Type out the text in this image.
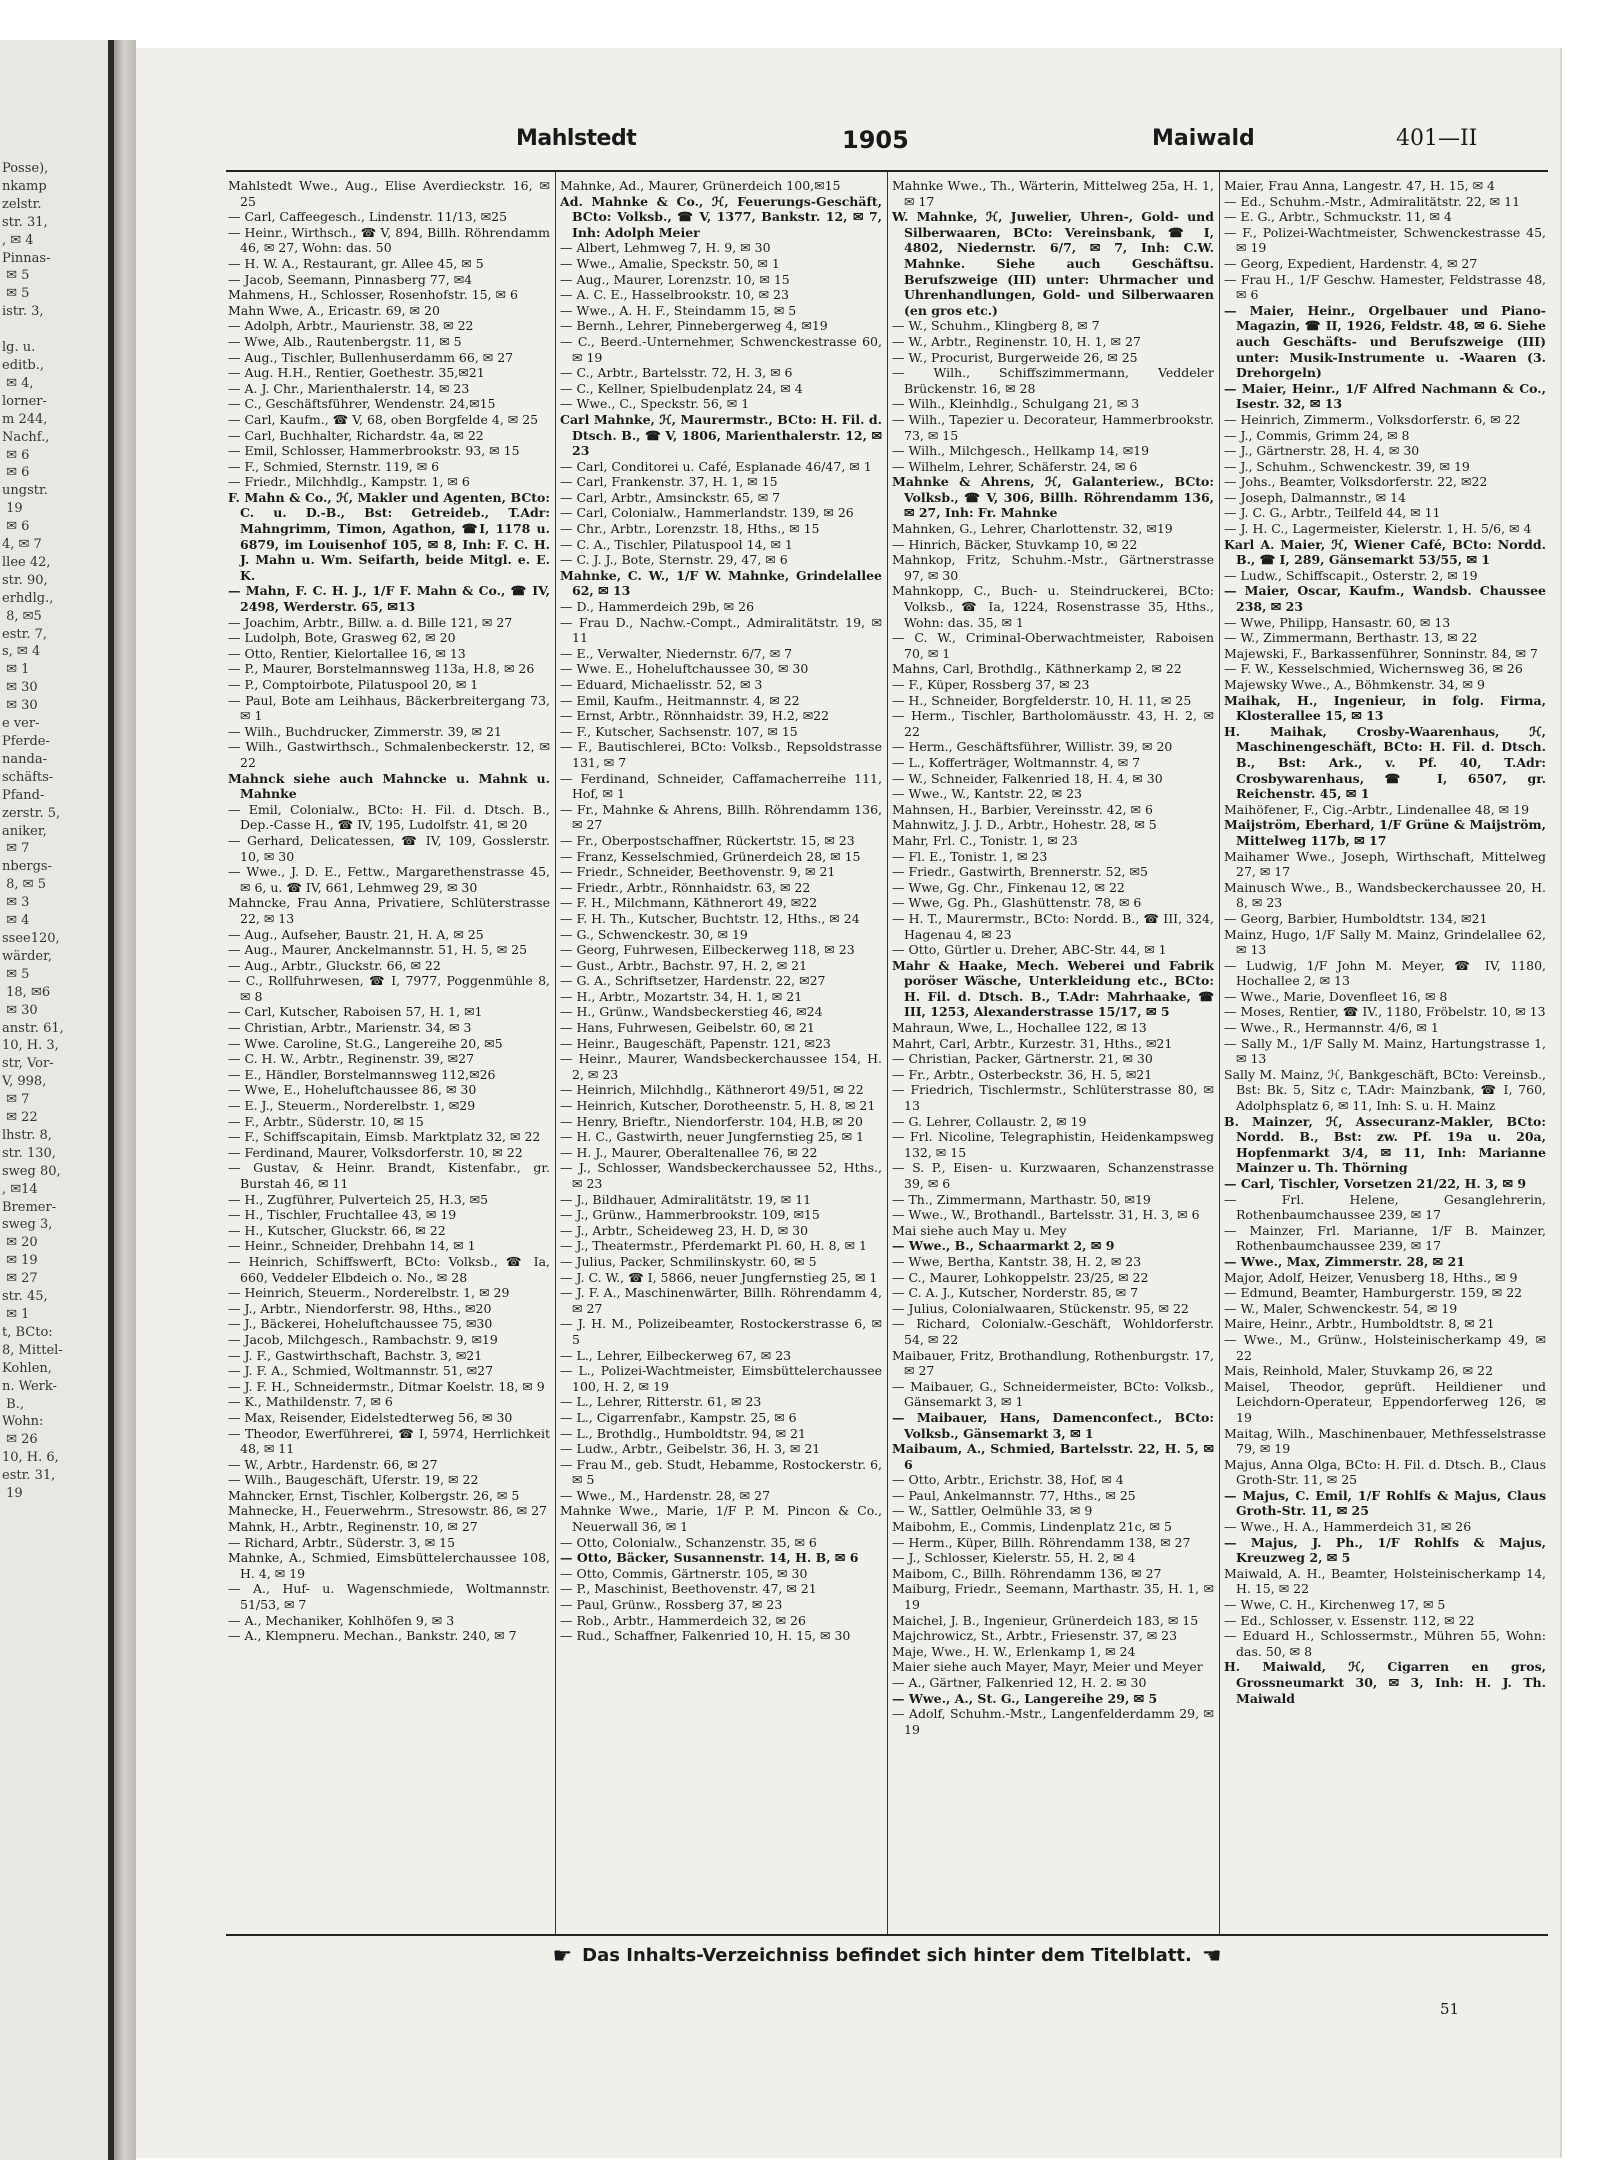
Posse),
nkamp
zelstr.
str. 31,
, ✉ 4
Pinnas-
✉ 5
✉ 5
istr. 3,

lg. u.
editb.,
✉ 4,
lorner-
m 244,
Nachf.,
✉ 6
✉ 6
ungstr.
19
✉ 6
4, ✉ 7
llee 42,
str. 90,
erhdlg.,
8, ✉5
estr. 7,
s, ✉ 4
✉ 1
✉ 30
✉ 30
e ver-
Pferde-
nanda-
schäfts-
Pfand-
zerstr. 5,
aniker,
✉ 7
nbergs-
8, ✉ 5
✉ 3
✉ 4
ssee120,
wärder,
✉ 5
18, ✉6
✉ 30
anstr. 61,
10, H. 3,
str, Vor-
V, 998,
✉ 7
✉ 22
lhstr. 8,
str. 130,
sweg 80,
, ✉14
Bremer-
sweg 3,
✉ 20
✉ 19
✉ 27
str. 45,
✉ 1
t, BCto:
8, Mittel-
Kohlen,
n. Werk-
B.,
Wohn:
✉ 26
10, H. 6,
estr. 31,
19
Mahlstedt	1905	Maiwald	401—II

Mahlstedt Wwe., Aug., Elise Averdieckstr. 16, ✉ 25

— Carl, Caffeegesch., Lindenstr. 11/13, ✉25

— Heinr., Wirthsch., ☎ V, 894, Billh. Röhrendamm 46, ✉ 27, Wohn: das. 50

— H. W. A., Restaurant, gr. Allee 45, ✉ 5

— Jacob, Seemann, Pinnasberg 77, ✉4

Mahmens, H., Schlosser, Rosenhofstr. 15, ✉ 6

Mahn Wwe, A., Ericastr. 69, ✉ 20

— Adolph, Arbtr., Maurienstr. 38, ✉ 22

— Wwe, Alb., Rautenbergstr. 11, ✉ 5

— Aug., Tischler, Bullenhuserdamm 66, ✉ 27

— Aug. H.H., Rentier, Goethestr. 35,✉21

— A. J. Chr., Marienthalerstr. 14, ✉ 23

— C., Geschäftsführer, Wendenstr. 24,✉15

— Carl, Kaufm., ☎ V, 68, oben Borgfelde 4, ✉ 25

— Carl, Buchhalter, Richardstr. 4a, ✉ 22

— Emil, Schlosser, Hammerbrookstr. 93, ✉ 15

— F., Schmied, Sternstr. 119, ✉ 6

— Friedr., Milchhdlg., Kampstr. 1, ✉ 6

F. Mahn & Co., ℋ, Makler und Agenten, BCto: C. u. D.-B., Bst: Getreideb., T.Adr: Mahngrimm, Timon, Agathon, ☎I, 1178 u. 6879, im Louisenhof 105, ✉ 8, Inh: F. C. H. J. Mahn u. Wm. Seifarth, beide Mitgl. e. E. K.

— Mahn, F. C. H. J., 1/F F. Mahn & Co., ☎ IV, 2498, Werderstr. 65, ✉13

— Joachim, Arbtr., Billw. a. d. Bille 121, ✉ 27

— Ludolph, Bote, Grasweg 62, ✉ 20

— Otto, Rentier, Kielortallee 16, ✉ 13

— P., Maurer, Borstelmannsweg 113a, H.8, ✉ 26

— P., Comptoirbote, Pilatuspool 20, ✉ 1

— Paul, Bote am Leihhaus, Bäckerbreitergang 73, ✉ 1

— Wilh., Buchdrucker, Zimmerstr. 39, ✉ 21

— Wilh., Gastwirthsch., Schmalenbeckerstr. 12, ✉ 22

Mahnck siehe auch Mahncke u. Mahnk u. Mahnke

— Emil, Colonialw., BCto: H. Fil. d. Dtsch. B., Dep.-Casse H., ☎ IV, 195, Ludolfstr. 41, ✉ 20

— Gerhard, Delicatessen, ☎ IV, 109, Gosslerstr. 10, ✉ 30

— Wwe., J. D. E., Fettw., Margarethenstrasse 45, ✉ 6, u. ☎ IV, 661, Lehmweg 29, ✉ 30

Mahncke, Frau Anna, Privatiere, Schlüterstrasse 22, ✉ 13

— Aug., Aufseher, Baustr. 21, H. A, ✉ 25

— Aug., Maurer, Anckelmannstr. 51, H. 5, ✉ 25

— Aug., Arbtr., Gluckstr. 66, ✉ 22

— C., Rollfuhrwesen, ☎ I, 7977, Poggenmühle 8, ✉ 8

— Carl, Kutscher, Raboisen 57, H. 1, ✉1

— Christian, Arbtr., Marienstr. 34, ✉ 3

— Wwe. Caroline, St.G., Langereihe 20, ✉5

— C. H. W., Arbtr., Reginenstr. 39, ✉27

— E., Händler, Borstelmannsweg 112,✉26

— Wwe, E., Hoheluftchaussee 86, ✉ 30

— E. J., Steuerm., Norderelbstr. 1, ✉29

— F., Arbtr., Süderstr. 10, ✉ 15

— F., Schiffscapitain, Eimsb. Marktplatz 32, ✉ 22

— Ferdinand, Maurer, Volksdorferstr. 10, ✉ 22

— Gustav, & Heinr. Brandt, Kistenfabr., gr. Burstah 46, ✉ 11

— H., Zugführer, Pulverteich 25, H.3, ✉5

— H., Tischler, Fruchtallee 43, ✉ 19

— H., Kutscher, Gluckstr. 66, ✉ 22

— Heinr., Schneider, Drehbahn 14, ✉ 1

— Heinrich, Schiffswerft, BCto: Volksb., ☎ Ia, 660, Veddeler Elbdeich o. No., ✉ 28

— Heinrich, Steuerm., Norderelbstr. 1, ✉ 29

— J., Arbtr., Niendorferstr. 98, Hths., ✉20

— J., Bäckerei, Hoheluftchaussee 75, ✉30

— Jacob, Milchgesch., Rambachstr. 9, ✉19

— J. F., Gastwirthschaft, Bachstr. 3, ✉21

— J. F. A., Schmied, Woltmannstr. 51, ✉27

— J. F. H., Schneidermstr., Ditmar Koelstr. 18, ✉ 9

— K., Mathildenstr. 7, ✉ 6

— Max, Reisender, Eidelstedterweg 56, ✉ 30

— Theodor, Ewerführerei, ☎ I, 5974, Herrlichkeit 48, ✉ 11

— W., Arbtr., Hardenstr. 66, ✉ 27

— Wilh., Baugeschäft, Uferstr. 19, ✉ 22

Mahncker, Ernst, Tischler, Kolbergstr. 26, ✉ 5

Mahnecke, H., Feuerwehrm., Stresowstr. 86, ✉ 27

Mahnk, H., Arbtr., Reginenstr. 10, ✉ 27

— Richard, Arbtr., Süderstr. 3, ✉ 15

Mahnke, A., Schmied, Eimsbüttelerchaussee 108, H. 4, ✉ 19

— A., Huf- u. Wagenschmiede, Woltmannstr. 51/53, ✉ 7

— A., Mechaniker, Kohlhöfen 9, ✉ 3

— A., Klempneru. Mechan., Bankstr. 240, ✉ 7

Mahnke, Ad., Maurer, Grünerdeich 100,✉15

Ad. Mahnke & Co., ℋ, Feuerungs-Geschäft, BCto: Volksb., ☎ V, 1377, Bankstr. 12, ✉ 7, Inh: Adolph Meier

— Albert, Lehmweg 7, H. 9, ✉ 30

— Wwe., Amalie, Speckstr. 50, ✉ 1

— Aug., Maurer, Lorenzstr. 10, ✉ 15

— A. C. E., Hasselbrookstr. 10, ✉ 23

— Wwe., A. H. F., Steindamm 15, ✉ 5

— Bernh., Lehrer, Pinnebergerweg 4, ✉19

— C., Beerd.-Unternehmer, Schwenckestrasse 60, ✉ 19

— C., Arbtr., Bartelsstr. 72, H. 3, ✉ 6

— C., Kellner, Spielbudenplatz 24, ✉ 4

— Wwe., C., Speckstr. 56, ✉ 1

Carl Mahnke, ℋ, Maurermstr., BCto: H. Fil. d. Dtsch. B., ☎ V, 1806, Marienthalerstr. 12, ✉ 23

— Carl, Conditorei u. Café, Esplanade 46/47, ✉ 1

— Carl, Frankenstr. 37, H. 1, ✉ 15

— Carl, Arbtr., Amsinckstr. 65, ✉ 7

— Carl, Colonialw., Hammerlandstr. 139, ✉ 26

— Chr., Arbtr., Lorenzstr. 18, Hths., ✉ 15

— C. A., Tischler, Pilatuspool 14, ✉ 1

— C. J. J., Bote, Sternstr. 29, 47, ✉ 6

Mahnke, C. W., 1/F W. Mahnke, Grindelallee 62, ✉ 13

— D., Hammerdeich 29b, ✉ 26

— Frau D., Nachw.-Compt., Admiralitätstr. 19, ✉ 11

— E., Verwalter, Niedernstr. 6/7, ✉ 7

— Wwe. E., Hoheluftchaussee 30, ✉ 30

— Eduard, Michaelisstr. 52, ✉ 3

— Emil, Kaufm., Heitmannstr. 4, ✉ 22

— Ernst, Arbtr., Rönnhaidstr. 39, H.2, ✉22

— F., Kutscher, Sachsenstr. 107, ✉ 15

— F., Bautischlerei, BCto: Volksb., Repsoldstrasse 131, ✉ 7

— Ferdinand, Schneider, Caffamacherreihe 111, Hof, ✉ 1

— Fr., Mahnke & Ahrens, Billh. Röhrendamm 136, ✉ 27

— Fr., Oberpostschaffner, Rückertstr. 15, ✉ 23

— Franz, Kesselschmied, Grünerdeich 28, ✉ 15

— Friedr., Schneider, Beethovenstr. 9, ✉ 21

— Friedr., Arbtr., Rönnhaidstr. 63, ✉ 22

— F. H., Milchmann, Käthnerort 49, ✉22

— F. H. Th., Kutscher, Buchtstr. 12, Hths., ✉ 24

— G., Schwenckestr. 30, ✉ 19

— Georg, Fuhrwesen, Eilbeckerweg 118, ✉ 23

— Gust., Arbtr., Bachstr. 97, H. 2, ✉ 21

— G. A., Schriftsetzer, Hardenstr. 22, ✉27

— H., Arbtr., Mozartstr. 34, H. 1, ✉ 21

— H., Grünw., Wandsbeckerstieg 46, ✉24

— Hans, Fuhrwesen, Geibelstr. 60, ✉ 21

— Heinr., Baugeschäft, Papenstr. 121, ✉23

— Heinr., Maurer, Wandsbeckerchaussee 154, H. 2, ✉ 23

— Heinrich, Milchhdlg., Käthnerort 49/51, ✉ 22

— Heinrich, Kutscher, Dorotheenstr. 5, H. 8, ✉ 21

— Henry, Brieftr., Niendorferstr. 104, H.B, ✉ 20

— H. C., Gastwirth, neuer Jungfernstieg 25, ✉ 1

— H. J., Maurer, Oberaltenallee 76, ✉ 22

— J., Schlosser, Wandsbeckerchaussee 52, Hths., ✉ 23

— J., Bildhauer, Admiralitätstr. 19, ✉ 11

— J., Grünw., Hammerbrookstr. 109, ✉15

— J., Arbtr., Scheideweg 23, H. D, ✉ 30

— J., Theatermstr., Pferdemarkt Pl. 60, H. 8, ✉ 1

— Julius, Packer, Schmilinskystr. 60, ✉ 5

— J. C. W., ☎ I, 5866, neuer Jungfernstieg 25, ✉ 1

— J. F. A., Maschinenwärter, Billh. Röhrendamm 4, ✉ 27

— J. H. M., Polizeibeamter, Rostockerstrasse 6, ✉ 5

— L., Lehrer, Eilbeckerweg 67, ✉ 23

— L., Polizei-Wachtmeister, Eimsbüttelerchaussee 100, H. 2, ✉ 19

— L., Lehrer, Ritterstr. 61, ✉ 23

— L., Cigarrenfabr., Kampstr. 25, ✉ 6

— L., Brothdlg., Humboldtstr. 94, ✉ 21

— Ludw., Arbtr., Geibelstr. 36, H. 3, ✉ 21

— Frau M., geb. Studt, Hebamme, Rostockerstr. 6, ✉ 5

— Wwe., M., Hardenstr. 28, ✉ 27

Mahnke Wwe., Marie, 1/F P. M. Pincon & Co., Neuerwall 36, ✉ 1

— Otto, Colonialw., Schanzenstr. 35, ✉ 6

— Otto, Bäcker, Susannenstr. 14, H. B, ✉ 6

— Otto, Commis, Gärtnerstr. 105, ✉ 30

— P., Maschinist, Beethovenstr. 47, ✉ 21

— Paul, Grünw., Rossberg 37, ✉ 23

— Rob., Arbtr., Hammerdeich 32, ✉ 26

— Rud., Schaffner, Falkenried 10, H. 15, ✉ 30

Mahnke Wwe., Th., Wärterin, Mittelweg 25a, H. 1, ✉ 17

W. Mahnke, ℋ, Juwelier, Uhren-, Gold- und Silberwaaren, BCto: Vereinsbank, ☎ I, 4802, Niedernstr. 6/7, ✉ 7, Inh: C.W. Mahnke. Siehe auch Geschäftsu. Berufszweige (III) unter: Uhrmacher und Uhrenhandlungen, Gold- und Silberwaaren (en gros etc.)

— W., Schuhm., Klingberg 8, ✉ 7

— W., Arbtr., Reginenstr. 10, H. 1, ✉ 27

— W., Procurist, Burgerweide 26, ✉ 25

— Wilh., Schiffszimmermann, Veddeler Brückenstr. 16, ✉ 28

— Wilh., Kleinhdlg., Schulgang 21, ✉ 3

— Wilh., Tapezier u. Decorateur, Hammerbrookstr. 73, ✉ 15

— Wilh., Milchgesch., Hellkamp 14, ✉19

— Wilhelm, Lehrer, Schäferstr. 24, ✉ 6

Mahnke & Ahrens, ℋ, Galanteriew., BCto: Volksb., ☎ V, 306, Billh. Röhrendamm 136, ✉ 27, Inh: Fr. Mahnke

Mahnken, G., Lehrer, Charlottenstr. 32, ✉19

— Hinrich, Bäcker, Stuvkamp 10, ✉ 22

Mahnkop, Fritz, Schuhm.-Mstr., Gärtnerstrasse 97, ✉ 30

Mahnkopp, C., Buch- u. Steindruckerei, BCto: Volksb., ☎ Ia, 1224, Rosenstrasse 35, Hths., Wohn: das. 35, ✉ 1

— C. W., Criminal-Oberwachtmeister, Raboisen 70, ✉ 1

Mahns, Carl, Brothdlg., Käthnerkamp 2, ✉ 22

— F., Küper, Rossberg 37, ✉ 23

— H., Schneider, Borgfelderstr. 10, H. 11, ✉ 25

— Herm., Tischler, Bartholomäusstr. 43, H. 2, ✉ 22

— Herm., Geschäftsführer, Willistr. 39, ✉ 20

— L., Kofferträger, Woltmannstr. 4, ✉ 7

— W., Schneider, Falkenried 18, H. 4, ✉ 30

— Wwe., W., Kantstr. 22, ✉ 23

Mahnsen, H., Barbier, Vereinsstr. 42, ✉ 6

Mahnwitz, J. J. D., Arbtr., Hohestr. 28, ✉ 5

Mahr, Frl. C., Tonistr. 1, ✉ 23

— Fl. E., Tonistr. 1, ✉ 23

— Friedr., Gastwirth, Brennerstr. 52, ✉5

— Wwe, Gg. Chr., Finkenau 12, ✉ 22

— Wwe, Gg. Ph., Glashüttenstr. 78, ✉ 6

— H. T., Maurermstr., BCto: Nordd. B., ☎ III, 324, Hagenau 4, ✉ 23

— Otto, Gürtler u. Dreher, ABC-Str. 44, ✉ 1

Mahr & Haake, Mech. Weberei und Fabrik poröser Wäsche, Unterkleidung etc., BCto: H. Fil. d. Dtsch. B., T.Adr: Mahrhaake, ☎ III, 1253, Alexanderstrasse 15/17, ✉ 5

Mahraun, Wwe, L., Hochallee 122, ✉ 13

Mahrt, Carl, Arbtr., Kurzestr. 31, Hths., ✉21

— Christian, Packer, Gärtnerstr. 21, ✉ 30

— Fr., Arbtr., Osterbeckstr. 36, H. 5, ✉21

— Friedrich, Tischlermstr., Schlüterstrasse 80, ✉ 13

— G. Lehrer, Collaustr. 2, ✉ 19

— Frl. Nicoline, Telegraphistin, Heidenkampsweg 132, ✉ 15

— S. P., Eisen- u. Kurzwaaren, Schanzenstrasse 39, ✉ 6

— Th., Zimmermann, Marthastr. 50, ✉19

— Wwe., W., Brothandl., Bartelsstr. 31, H. 3, ✉ 6

Mai siehe auch May u. Mey

— Wwe., B., Schaarmarkt 2, ✉ 9

— Wwe, Bertha, Kantstr. 38, H. 2, ✉ 23

— C., Maurer, Lohkoppelstr. 23/25, ✉ 22

— C. A. J., Kutscher, Norderstr. 85, ✉ 7

— Julius, Colonialwaaren, Stückenstr. 95, ✉ 22

— Richard, Colonialw.-Geschäft, Wohldorferstr. 54, ✉ 22

Maibauer, Fritz, Brothandlung, Rothenburgstr. 17, ✉ 27

— Maibauer, G., Schneidermeister, BCto: Volksb., Gänsemarkt 3, ✉ 1

— Maibauer, Hans, Damenconfect., BCto: Volksb., Gänsemarkt 3, ✉ 1

Maibaum, A., Schmied, Bartelsstr. 22, H. 5, ✉ 6

— Otto, Arbtr., Erichstr. 38, Hof, ✉ 4

— Paul, Ankelmannstr. 77, Hths., ✉ 25

— W., Sattler, Oelmühle 33, ✉ 9

Maibohm, E., Commis, Lindenplatz 21c, ✉ 5

— Herm., Küper, Billh. Röhrendamm 138, ✉ 27

— J., Schlosser, Kielerstr. 55, H. 2, ✉ 4

Maibom, C., Billh. Röhrendamm 136, ✉ 27

Maiburg, Friedr., Seemann, Marthastr. 35, H. 1, ✉ 19

Maichel, J. B., Ingenieur, Grünerdeich 183, ✉ 15

Majchrowicz, St., Arbtr., Friesenstr. 37, ✉ 23

Maje, Wwe., H. W., Erlenkamp 1, ✉ 24

Maier siehe auch Mayer, Mayr, Meier und Meyer

— A., Gärtner, Falkenried 12, H. 2. ✉ 30

— Wwe., A., St. G., Langereihe 29, ✉ 5

— Adolf, Schuhm.-Mstr., Langenfelderdamm 29, ✉ 19

Maier, Frau Anna, Langestr. 47, H. 15, ✉ 4

— Ed., Schuhm.-Mstr., Admiralitätstr. 22, ✉ 11

— E. G., Arbtr., Schmuckstr. 11, ✉ 4

— F., Polizei-Wachtmeister, Schwenckestrasse 45, ✉ 19

— Georg, Expedient, Hardenstr. 4, ✉ 27

— Frau H., 1/F Geschw. Hamester, Feldstrasse 48, ✉ 6

— Maier, Heinr., Orgelbauer und Piano-Magazin, ☎ II, 1926, Feldstr. 48, ✉ 6. Siehe auch Geschäfts- und Berufszweige (III) unter: Musik-Instrumente u. -Waaren (3. Drehorgeln)

— Maier, Heinr., 1/F Alfred Nachmann & Co., Isestr. 32, ✉ 13

— Heinrich, Zimmerm., Volksdorferstr. 6, ✉ 22

— J., Commis, Grimm 24, ✉ 8

— J., Gärtnerstr. 28, H. 4, ✉ 30

— J., Schuhm., Schwenckestr. 39, ✉ 19

— Johs., Beamter, Volksdorferstr. 22, ✉22

— Joseph, Dalmannstr., ✉ 14

— J. C. G., Arbtr., Teilfeld 44, ✉ 11

— J. H. C., Lagermeister, Kielerstr. 1, H. 5/6, ✉ 4

Karl A. Maier, ℋ, Wiener Café, BCto: Nordd. B., ☎ I, 289, Gänsemarkt 53/55, ✉ 1

— Ludw., Schiffscapit., Osterstr. 2, ✉ 19

— Maier, Oscar, Kaufm., Wandsb. Chaussee 238, ✉ 23

— Wwe, Philipp, Hansastr. 60, ✉ 13

— W., Zimmermann, Berthastr. 13, ✉ 22

Majewski, F., Barkassenführer, Sonninstr. 84, ✉ 7

— F. W., Kesselschmied, Wichernsweg 36, ✉ 26

Majewsky Wwe., A., Böhmkenstr. 34, ✉ 9

Maihak, H., Ingenieur, in folg. Firma, Klosterallee 15, ✉ 13

H. Maihak, Crosby-Waarenhaus, ℋ, Maschinengeschäft, BCto: H. Fil. d. Dtsch. B., Bst: Ark., v. Pf. 40, T.Adr: Crosbywarenhaus, ☎ I, 6507, gr. Reichenstr. 45, ✉ 1

Maihöfener, F., Cig.-Arbtr., Lindenallee 48, ✉ 19

Maijström, Eberhard, 1/F Grüne & Maijström, Mittelweg 117b, ✉ 17

Maihamer Wwe., Joseph, Wirthschaft, Mittelweg 27, ✉ 17

Mainusch Wwe., B., Wandsbeckerchaussee 20, H. 8, ✉ 23

— Georg, Barbier, Humboldtstr. 134, ✉21

Mainz, Hugo, 1/F Sally M. Mainz, Grindelallee 62, ✉ 13

— Ludwig, 1/F John M. Meyer, ☎ IV, 1180, Hochallee 2, ✉ 13

— Wwe., Marie, Dovenfleet 16, ✉ 8

— Moses, Rentier, ☎ IV., 1180, Fröbelstr. 10, ✉ 13

— Wwe., R., Hermannstr. 4/6, ✉ 1

— Sally M., 1/F Sally M. Mainz, Hartungstrasse 1, ✉ 13

Sally M. Mainz, ℋ, Bankgeschäft, BCto: Vereinsb., Bst: Bk. 5, Sitz c, T.Adr: Mainzbank, ☎ I, 760, Adolphsplatz 6, ✉ 11, Inh: S. u. H. Mainz

B. Mainzer, ℋ, Assecuranz-Makler, BCto: Nordd. B., Bst: zw. Pf. 19a u. 20a, Hopfenmarkt 3/4, ✉ 11, Inh: Marianne Mainzer u. Th. Thörning

— Carl, Tischler, Vorsetzen 21/22, H. 3, ✉ 9

— Frl. Helene, Gesanglehrerin, Rothenbaumchaussee 239, ✉ 17

— Mainzer, Frl. Marianne, 1/F B. Mainzer, Rothenbaumchaussee 239, ✉ 17

— Wwe., Max, Zimmerstr. 28, ✉ 21

Major, Adolf, Heizer, Venusberg 18, Hths., ✉ 9

— Edmund, Beamter, Hamburgerstr. 159, ✉ 22

— W., Maler, Schwenckestr. 54, ✉ 19

Maire, Heinr., Arbtr., Humboldtstr. 8, ✉ 21

— Wwe., M., Grünw., Holsteinischerkamp 49, ✉ 22

Mais, Reinhold, Maler, Stuvkamp 26, ✉ 22

Maisel, Theodor, geprüft. Heildiener und Leichdorn-Operateur, Eppendorferweg 126, ✉ 19

Maitag, Wilh., Maschinenbauer, Methfesselstrasse 79, ✉ 19

Majus, Anna Olga, BCto: H. Fil. d. Dtsch. B., Claus Groth-Str. 11, ✉ 25

— Majus, C. Emil, 1/F Rohlfs & Majus, Claus Groth-Str. 11, ✉ 25

— Wwe., H. A., Hammerdeich 31, ✉ 26

— Majus, J. Ph., 1/F Rohlfs & Majus, Kreuzweg 2, ✉ 5

Maiwald, A. H., Beamter, Holsteinischerkamp 14, H. 15, ✉ 22

— Wwe, C. H., Kirchenweg 17, ✉ 5

— Ed., Schlosser, v. Essenstr. 112, ✉ 22

— Eduard H., Schlossermstr., Mühren 55, Wohn: das. 50, ✉ 8

H. Maiwald, ℋ, Cigarren en gros, Grossneumarkt 30, ✉ 3, Inh: H. J. Th. Maiwald

☛ Das Inhalts-Verzeichniss befindet sich hinter dem Titelblatt. ☚
51
